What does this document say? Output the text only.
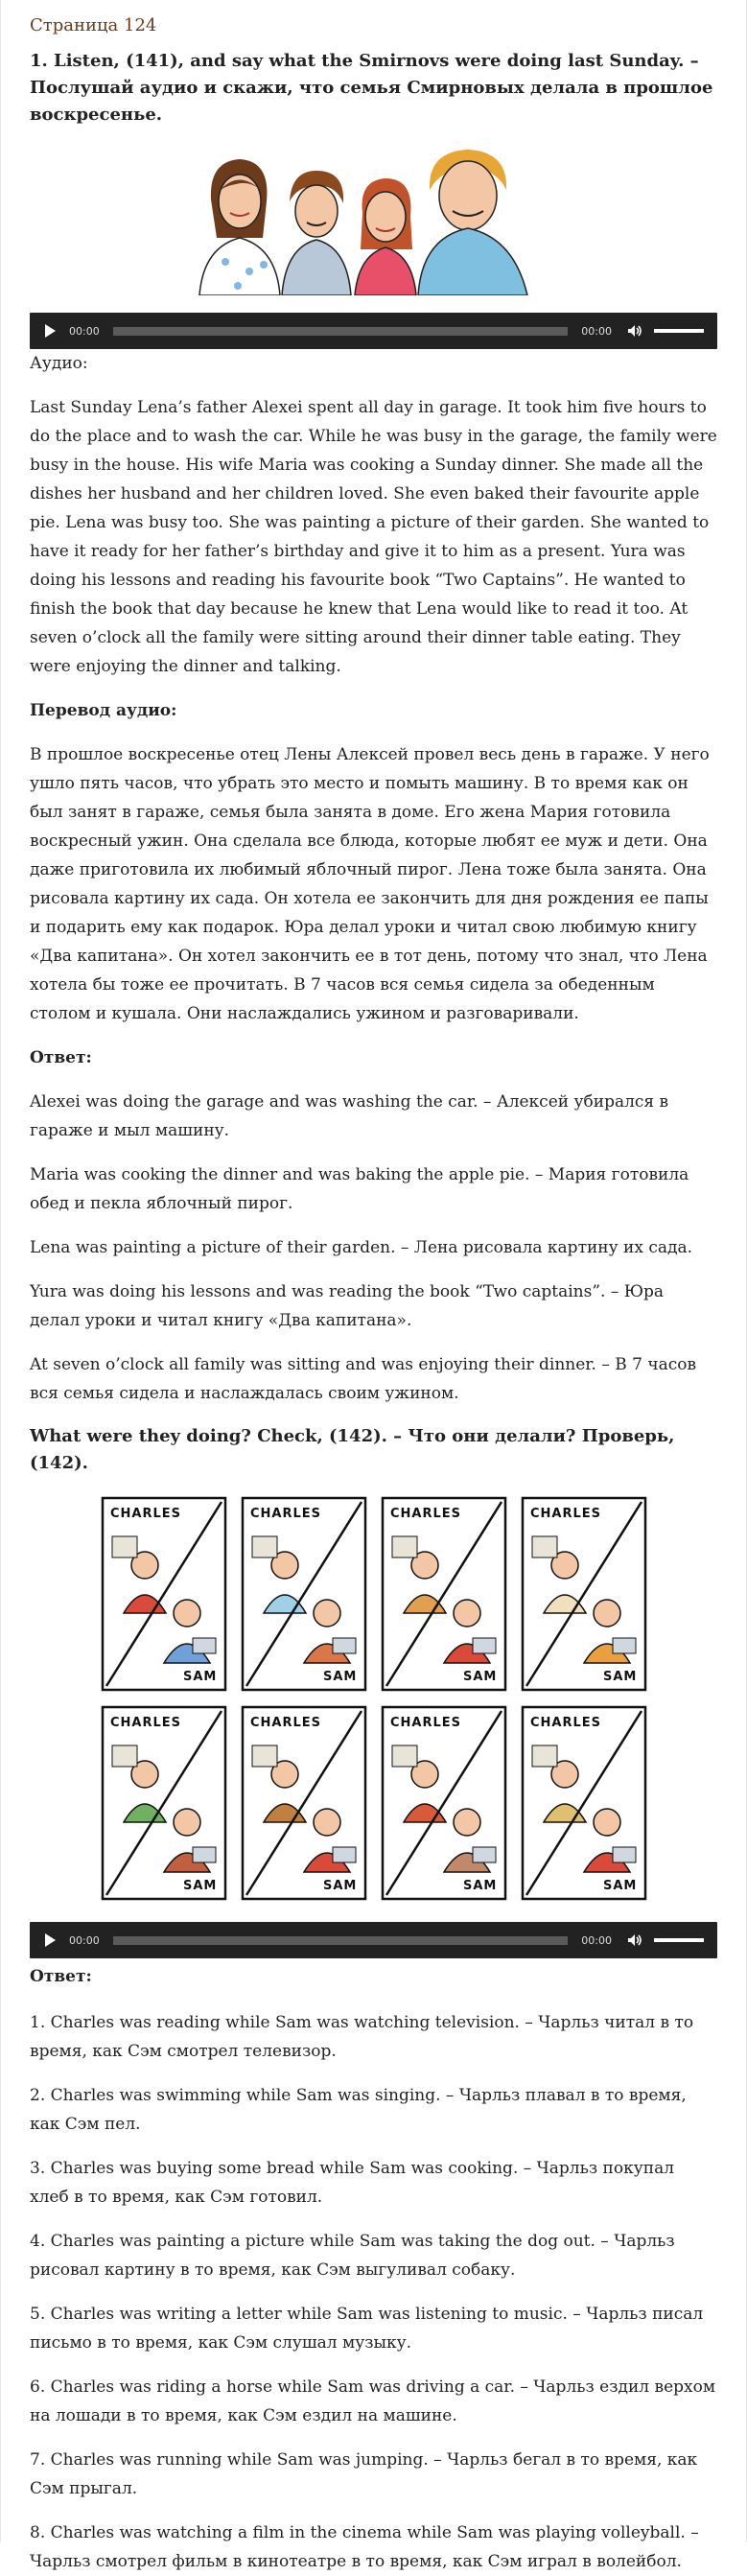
Страница 124

1. Listen, (141), and say what the Smirnovs were doing last Sunday. – Послушай аудио и скажи, что семья Смирновых делала в прошлое воскресенье.
00:00	00:00

Аудио:

Last Sunday Lena’s father Alexei spent all day in garage. It took him five hours to do the place and to wash the car. While he was busy in the garage, the family were busy in the house. His wife Maria was cooking a Sunday dinner. She made all the dishes her husband and her children loved. She even baked their favourite apple pie. Lena was busy too. She was painting a picture of their garden. She wanted to have it ready for her father’s birthday and give it to him as a present. Yura was doing his lessons and reading his favourite book “Two Captains”. He wanted to finish the book that day because he knew that Lena would like to read it too. At seven o’clock all the family were sitting around their dinner table eating. They were enjoying the dinner and talking.

Перевод аудио:

В прошлое воскресенье отец Лены Алексей провел весь день в гараже. У него ушло пять часов, что убрать это место и помыть машину. В то время как он был занят в гараже, семья была занята в доме. Его жена Мария готовила воскресный ужин. Она сделала все блюда, которые любят ее муж и дети. Она даже приготовила их любимый яблочный пирог. Лена тоже была занята. Она рисовала картину их сада. Он хотела ее закончить для дня рождения ее папы и подарить ему как подарок. Юра делал уроки и читал свою любимую книгу «Два капитана». Он хотел закончить ее в тот день, потому что знал, что Лена хотела бы тоже ее прочитать. В 7 часов вся семья сидела за обеденным столом и кушала. Они наслаждались ужином и разговаривали.

Ответ:

Alexei was doing the garage and was washing the car. – Алексей убирался в гараже и мыл машину.

Maria was cooking the dinner and was baking the apple pie. – Мария готовила обед и пекла яблочный пирог.

Lena was painting a picture of their garden. – Лена рисовала картину их сада.

Yura was doing his lessons and was reading the book “Two captains”. – Юра делал уроки и читал книгу «Два капитана».

At seven o’clock all family was sitting and was enjoying their dinner. – В 7 часов вся семья сидела и наслаждалась своим ужином.

What were they doing? Check, (142). – Что они делали? Проверь, (142).
CHARLES
SAM
CHARLES
SAM
CHARLES
SAM
CHARLES
SAM
CHARLES
SAM
CHARLES
SAM
CHARLES
SAM
CHARLES
SAM
00:00	00:00

Ответ:

1. Charles was reading while Sam was watching television. – Чарльз читал в то время, как Сэм смотрел телевизор.

2. Charles was swimming while Sam was singing. – Чарльз плавал в то время, как Сэм пел.

3. Charles was buying some bread while Sam was cooking. – Чарльз покупал хлеб в то время, как Сэм готовил.

4. Charles was painting a picture while Sam was taking the dog out. – Чарльз рисовал картину в то время, как Сэм выгуливал собаку.

5. Charles was writing a letter while Sam was listening to music. – Чарльз писал письмо в то время, как Сэм слушал музыку.

6. Charles was riding a horse while Sam was driving a car. – Чарльз ездил верхом на лошади в то время, как Сэм ездил на машине.

7. Charles was running while Sam was jumping. – Чарльз бегал в то время, как Сэм прыгал.

8. Charles was watching a film in the cinema while Sam was playing volleyball. – Чарльз смотрел фильм в кинотеатре в то время, как Сэм играл в волейбол.
